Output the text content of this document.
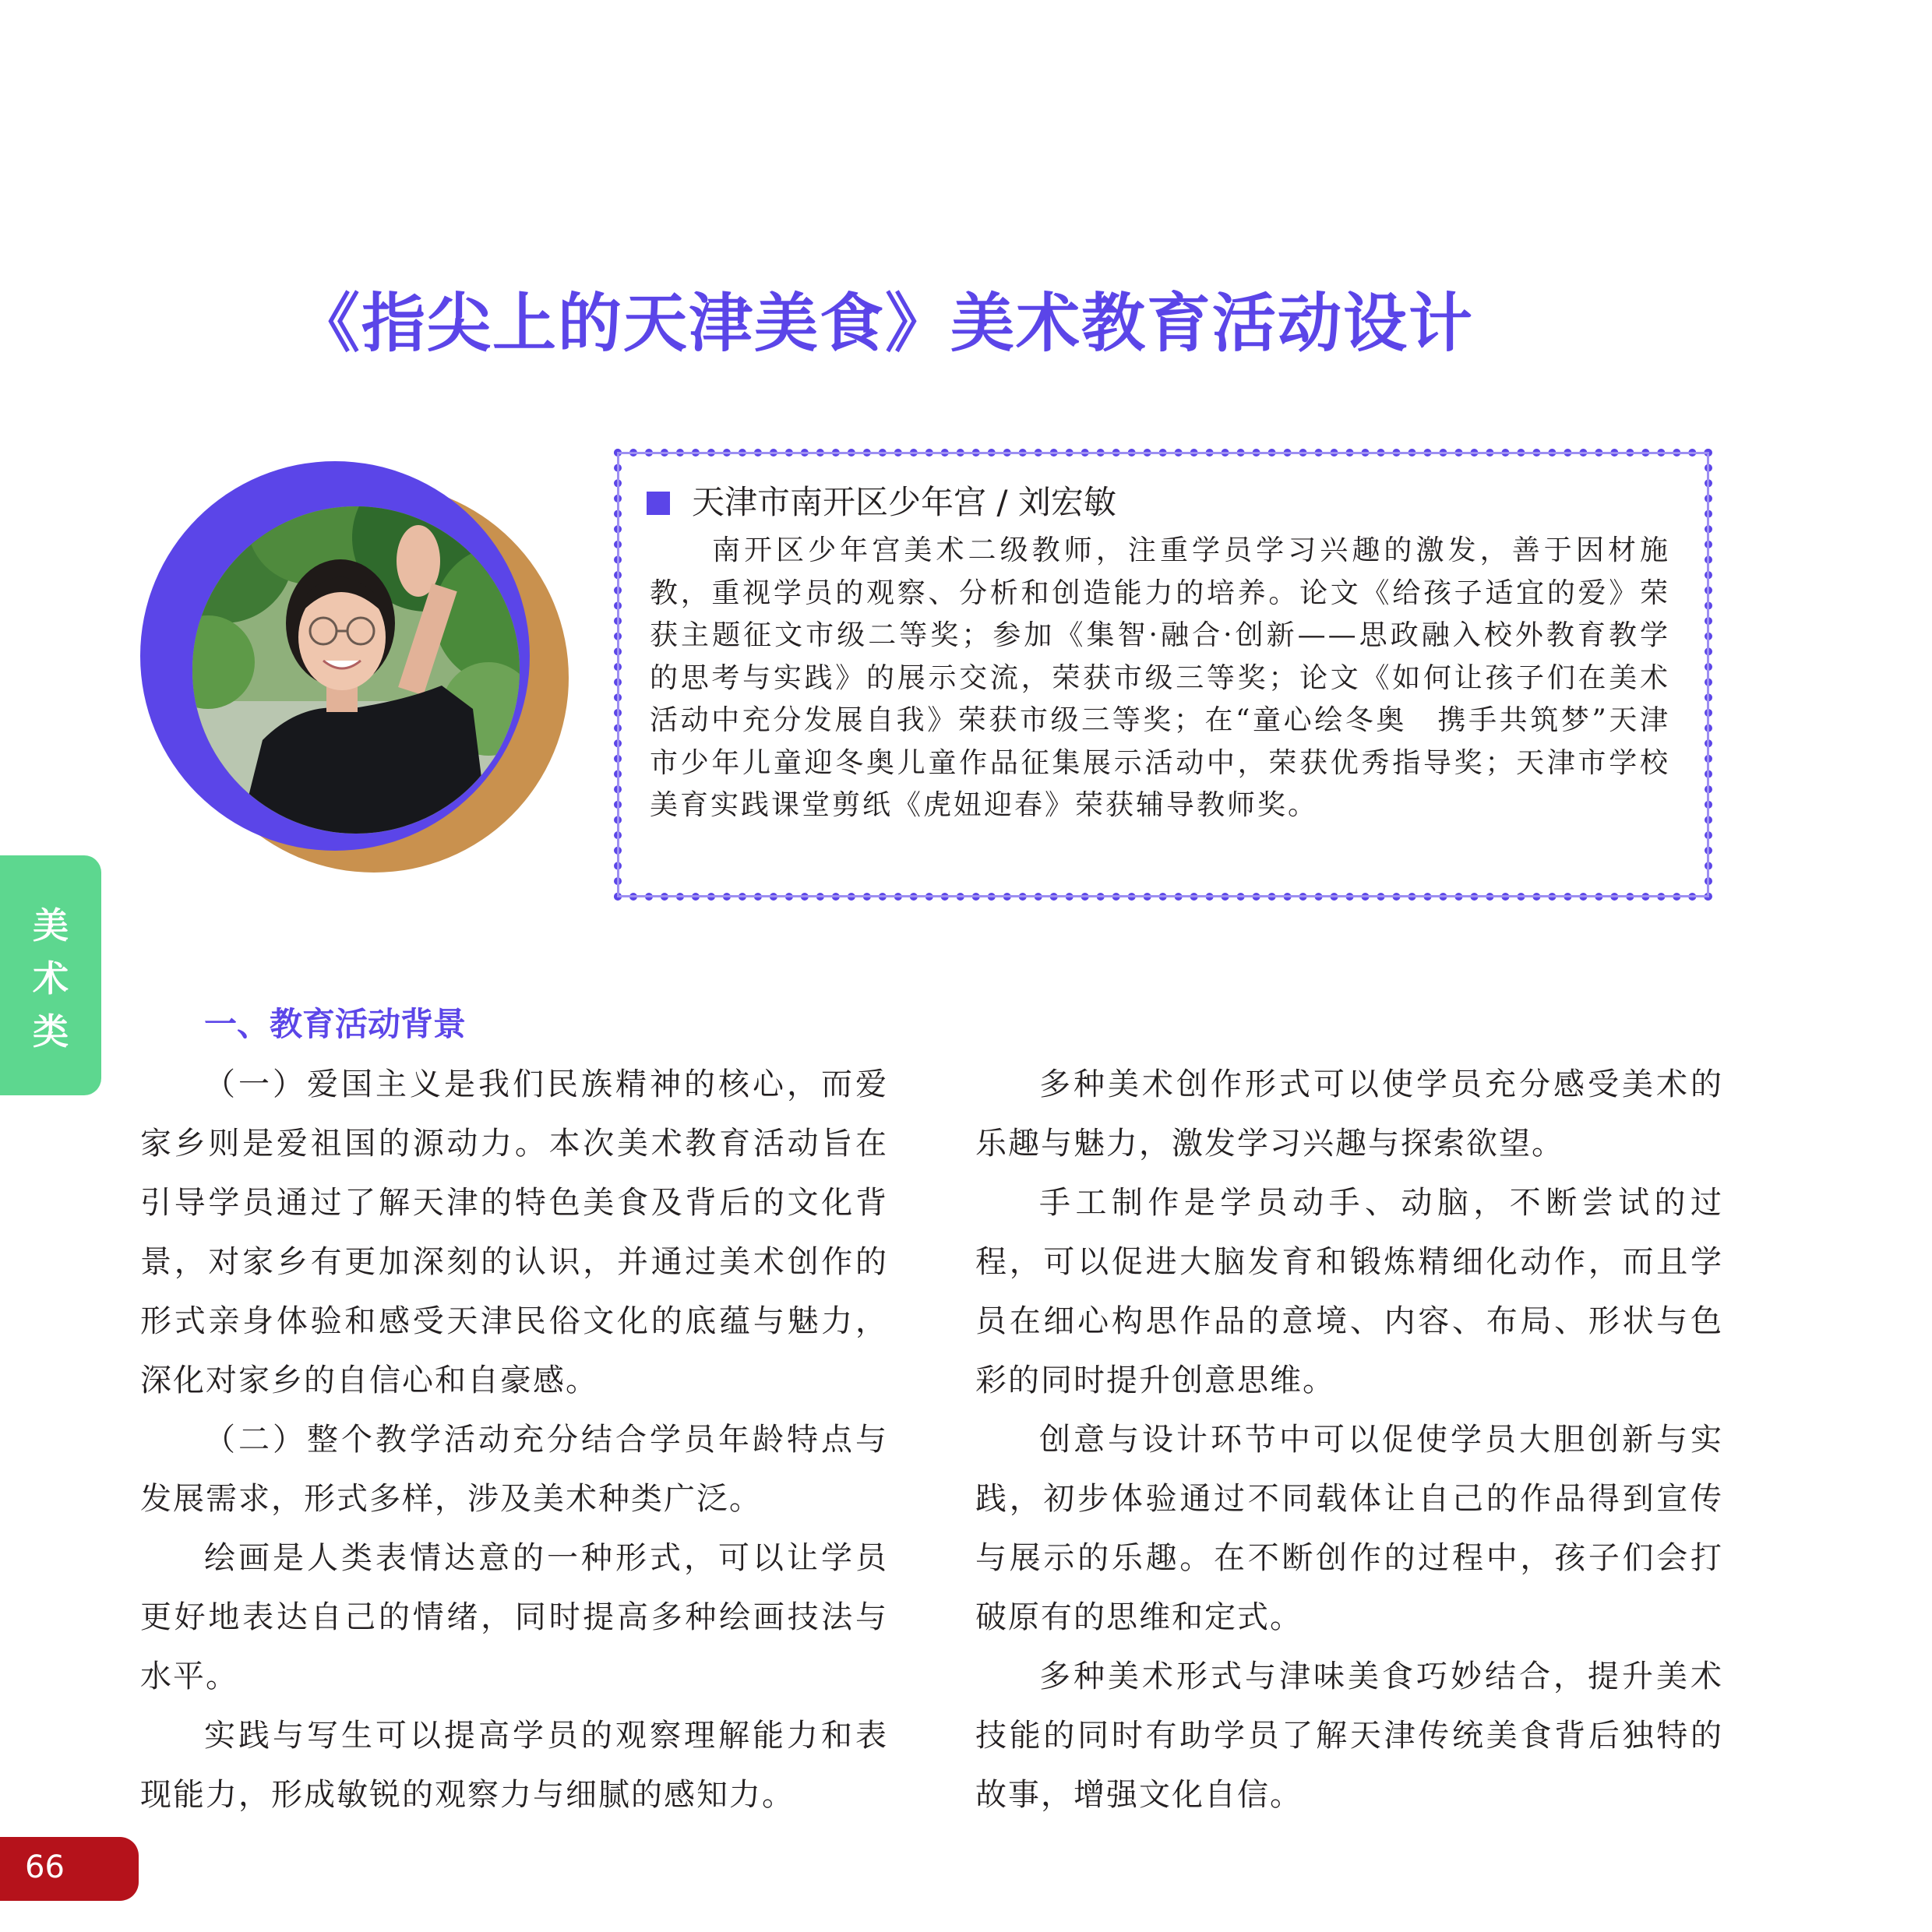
《指尖上的天津美食》美术教育活动设计
天津市南开区少年宫 / 刘宏敏

南开区少年宫美术二级教师，注重学员学习兴趣的激发，善于因材施教，重视学员的观察、分析和创造能力的培养。论文《给孩子适宜的爱》荣获主题征文市级二等奖；参加《集智·融合·创新——思政融入校外教育教学的思考与实践》的展示交流，荣获市级三等奖；论文《如何让孩子们在美术活动中充分发展自我》荣获市级三等奖；在“童心绘冬奥　携手共筑梦”天津市少年儿童迎冬奥儿童作品征集展示活动中，荣获优秀指导奖；天津市学校美育实践课堂剪纸《虎妞迎春》荣获辅导教师奖。

美
术
类	一、教育活动背景

（一）爱国主义是我们民族精神的核心，而爱家乡则是爱祖国的源动力。本次美术教育活动旨在引导学员通过了解天津的特色美食及背后的文化背景，对家乡有更加深刻的认识，并通过美术创作的形式亲身体验和感受天津民俗文化的底蕴与魅力，深化对家乡的自信心和自豪感。

（二）整个教学活动充分结合学员年龄特点与发展需求，形式多样，涉及美术种类广泛。

绘画是人类表情达意的一种形式，可以让学员更好地表达自己的情绪，同时提高多种绘画技法与水平。

实践与写生可以提高学员的观察理解能力和表现能力，形成敏锐的观察力与细腻的感知力。

多种美术创作形式可以使学员充分感受美术的乐趣与魅力，激发学习兴趣与探索欲望。

手工制作是学员动手、动脑，不断尝试的过程，可以促进大脑发育和锻炼精细化动作，而且学员在细心构思作品的意境、内容、布局、形状与色彩的同时提升创意思维。

创意与设计环节中可以促使学员大胆创新与实践，初步体验通过不同载体让自己的作品得到宣传与展示的乐趣。在不断创作的过程中，孩子们会打破原有的思维和定式。

多种美术形式与津味美食巧妙结合，提升美术技能的同时有助学员了解天津传统美食背后独特的故事，增强文化自信。

66
